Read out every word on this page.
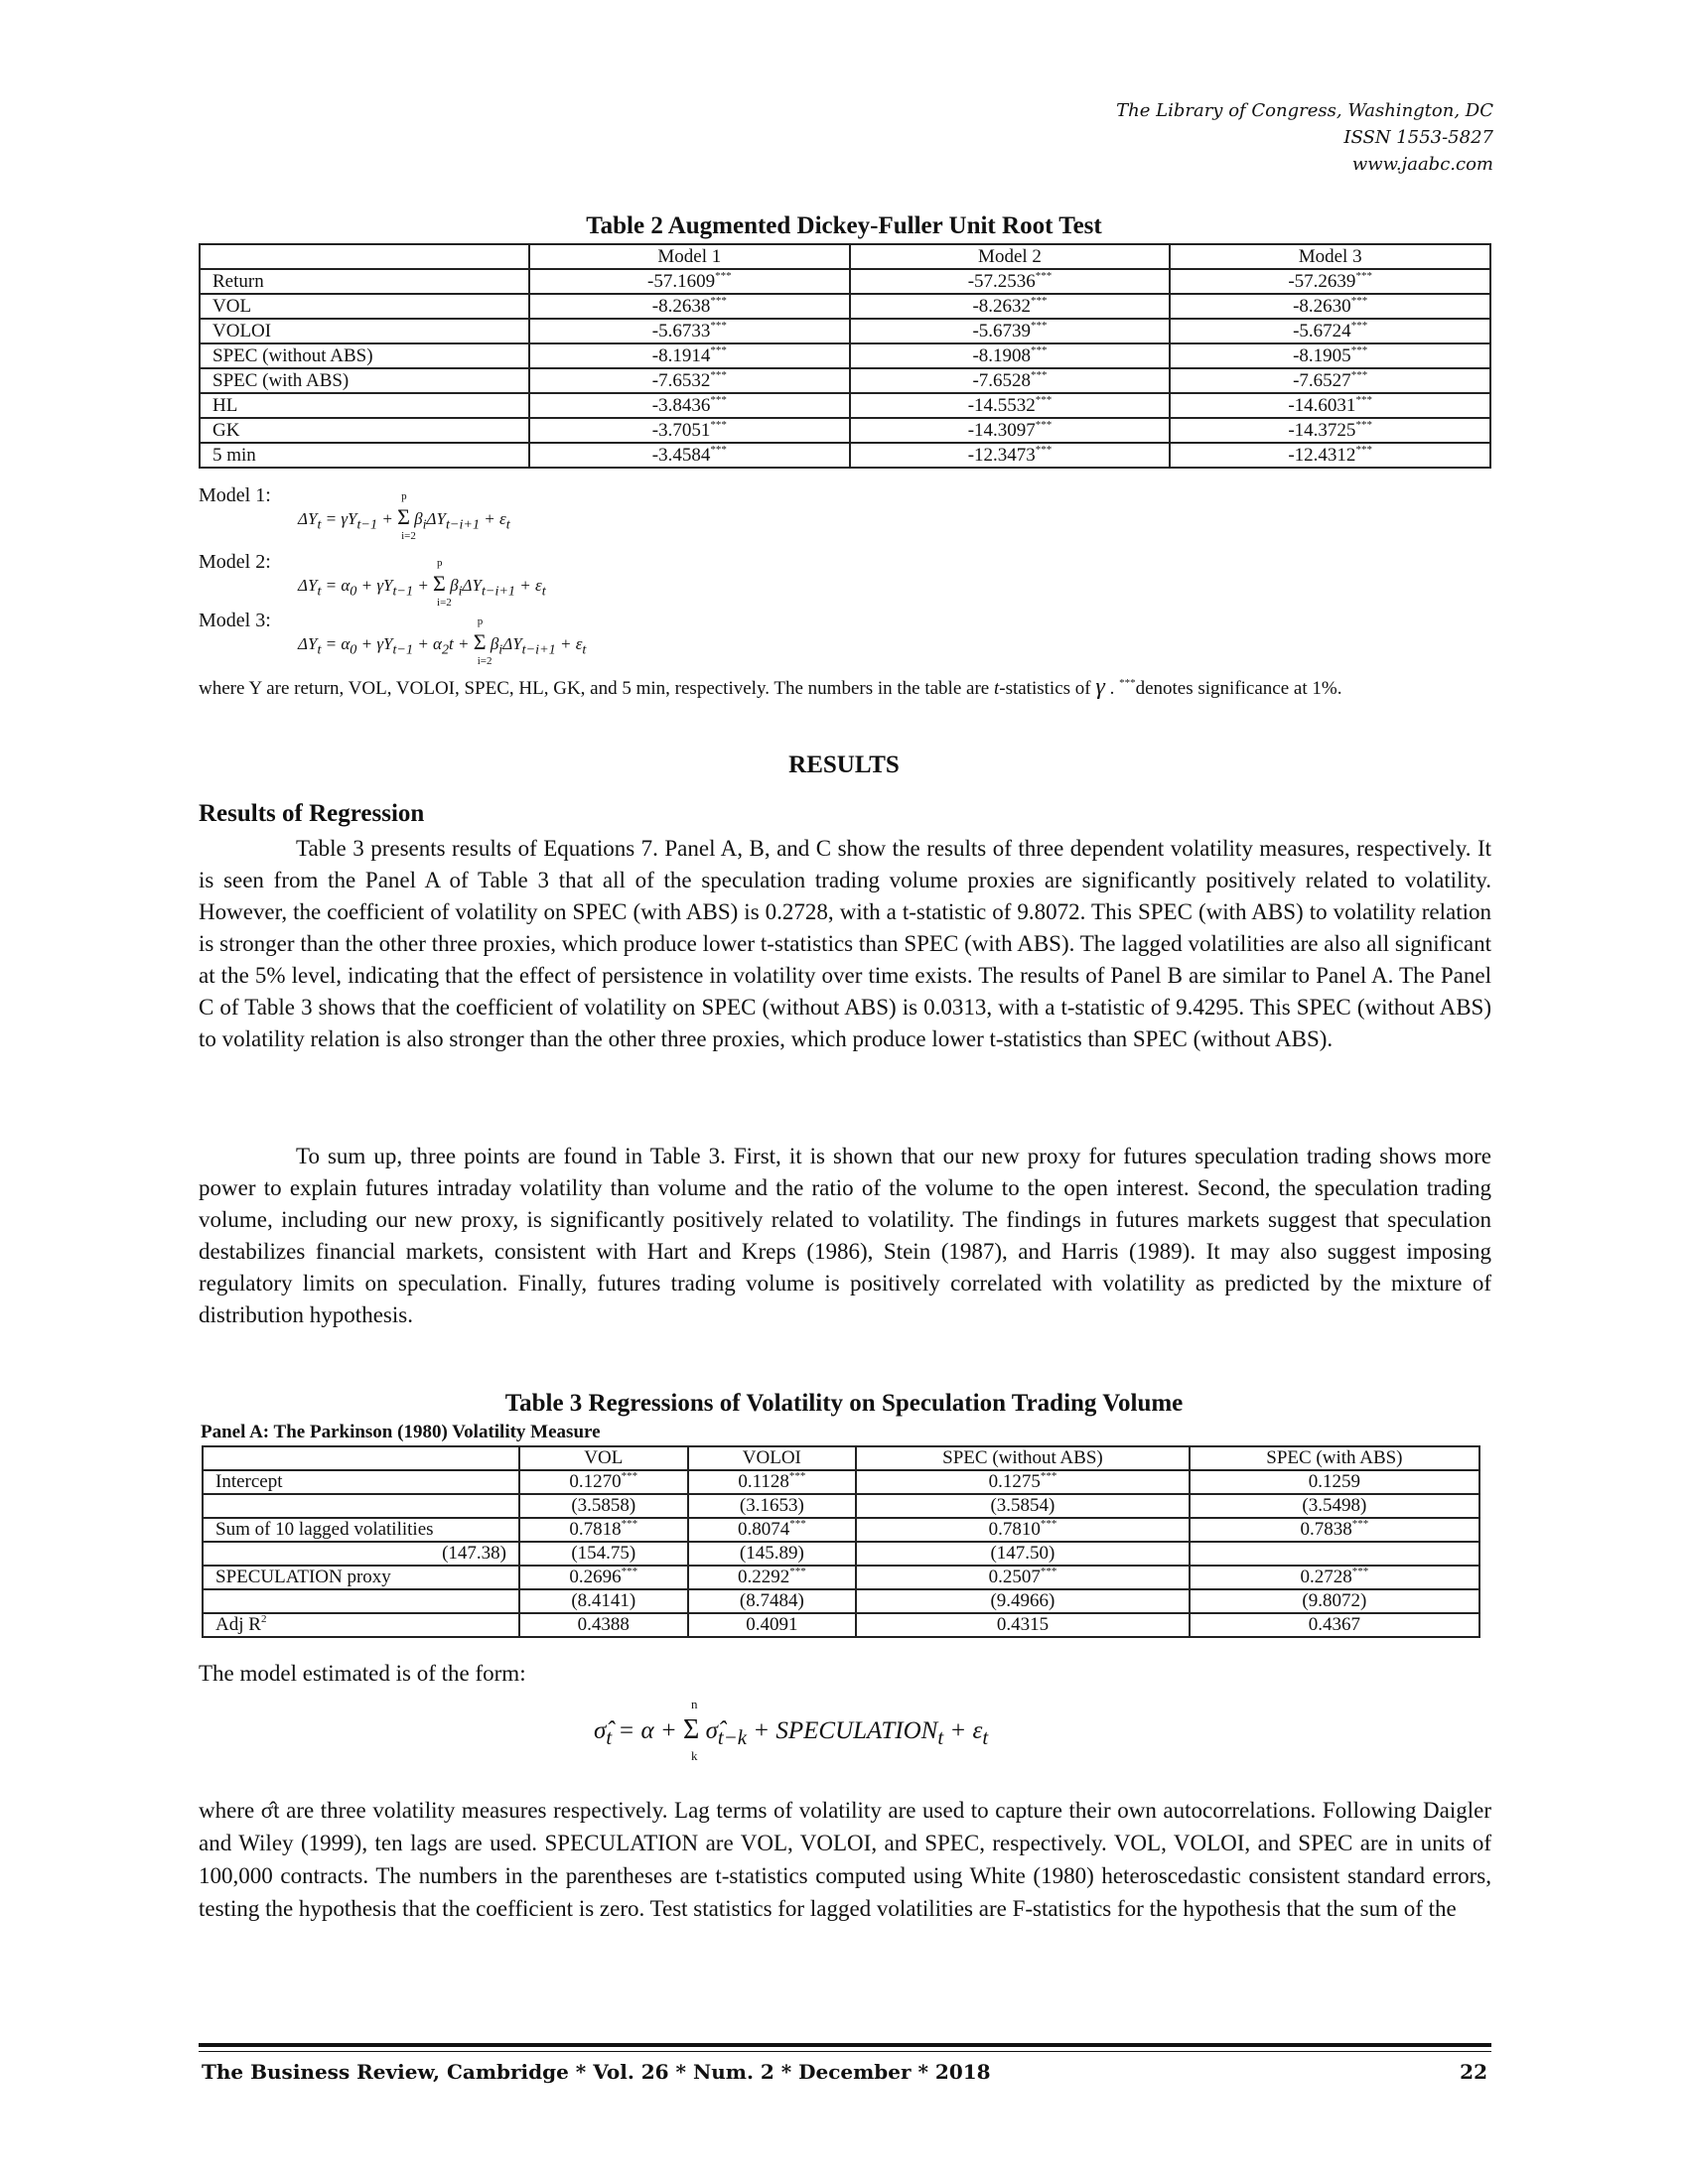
The Library of Congress, Washington, DC
ISSN 1553-5827
www.jaabc.com
Table 2 Augmented Dickey-Fuller Unit Root Test
	Model 1	Model 2	Model 3
Return	-57.1609***	-57.2536***	-57.2639***
VOL	-8.2638***	-8.2632***	-8.2630***
VOLOI	-5.6733***	-5.6739***	-5.6724***
SPEC (without ABS)	-8.1914***	-8.1908***	-8.1905***
SPEC (with ABS)	-7.6532***	-7.6528***	-7.6527***
HL	-3.8436***	-14.5532***	-14.6031***
GK	-3.7051***	-14.3097***	-14.3725***
5 min	-3.4584***	-12.3473***	-12.4312***
Model 1:
$\Delta Y_t = \gamma Y_{t-1} + \Sigma$
p
i=2
$\beta_i\Delta Y_{t-i+1} + \varepsilon_t$
Model 2:
$\Delta Y_t = \alpha_0 + \gamma Y_{t-1} + \Sigma$
p
i=2
$\beta_i\Delta Y_{t-i+1} + \varepsilon_t$
Model 3:
$\Delta Y_t = \alpha_0 + \gamma Y_{t-1} + \alpha_2t + \Sigma$
p
i=2
$\beta_i\Delta Y_{t-i+1} + \varepsilon_t$
where Y are return, VOL, VOLOI, SPEC, HL, GK, and 5 min, respectively. The numbers in the table are t-statistics of γ . ***denotes significance at 1%.
RESULTS
Results of Regression

Table 3 presents results of Equations 7. Panel A, B, and C show the results of three dependent volatility measures, respectively. It is seen from the Panel A of Table 3 that all of the speculation trading volume proxies are significantly positively related to volatility. However, the coefficient of volatility on SPEC (with ABS) is 0.2728, with a t-statistic of 9.8072. This SPEC (with ABS) to volatility relation is stronger than the other three proxies, which produce lower t-statistics than SPEC (with ABS). The lagged volatilities are also all significant at the 5% level, indicating that the effect of persistence in volatility over time exists. The results of Panel B are similar to Panel A. The Panel C of Table 3 shows that the coefficient of volatility on SPEC (without ABS) is 0.0313, with a t-statistic of 9.4295. This SPEC (without ABS) to volatility relation is also stronger than the other three proxies, which produce lower t-statistics than SPEC (without ABS).

To sum up, three points are found in Table 3. First, it is shown that our new proxy for futures speculation trading shows more power to explain futures intraday volatility than volume and the ratio of the volume to the open interest. Second, the speculation trading volume, including our new proxy, is significantly positively related to volatility. The findings in futures markets suggest that speculation destabilizes financial markets, consistent with Hart and Kreps (1986), Stein (1987), and Harris (1989). It may also suggest imposing regulatory limits on speculation. Finally, futures trading volume is positively correlated with volatility as predicted by the mixture of distribution hypothesis.

Table 3 Regressions of Volatility on Speculation Trading Volume
Panel A: The Parkinson (1980) Volatility Measure
	VOL	VOLOI	SPEC (without ABS)	SPEC (with ABS)
Intercept	0.1270***	0.1128***	0.1275***	0.1259
	(3.5858)	(3.1653)	(3.5854)	(3.5498)
Sum of 10 lagged volatilities	0.7818***	0.8074***	0.7810***	0.7838***
(147.38)	(154.75)	(145.89)	(147.50)	
SPECULATION proxy	0.2696***	0.2292***	0.2507***	0.2728***
	(8.4141)	(8.7484)	(9.4966)	(9.8072)
Adj $R^2$	0.4388	0.4091	0.4315	0.4367
The model estimated is of the form:
$\sigmâ_t = \alpha + \Sigma$
n
k
$\sigmâ_{t-k}$ + $SPECULATION_t + \varepsilon_t$

where σ̂t are three volatility measures respectively. Lag terms of volatility are used to capture their own autocorrelations. Following Daigler and Wiley (1999), ten lags are used. SPECULATION are VOL, VOLOI, and SPEC, respectively. VOL, VOLOI, and SPEC are in units of 100,000 contracts. The numbers in the parentheses are t-statistics computed using White (1980) heteroscedastic consistent standard errors, testing the hypothesis that the coefficient is zero. Test statistics for lagged volatilities are F-statistics for the hypothesis that the sum of the

The Business Review, Cambridge * Vol. 26 * Num. 2 * December * 2018	22
